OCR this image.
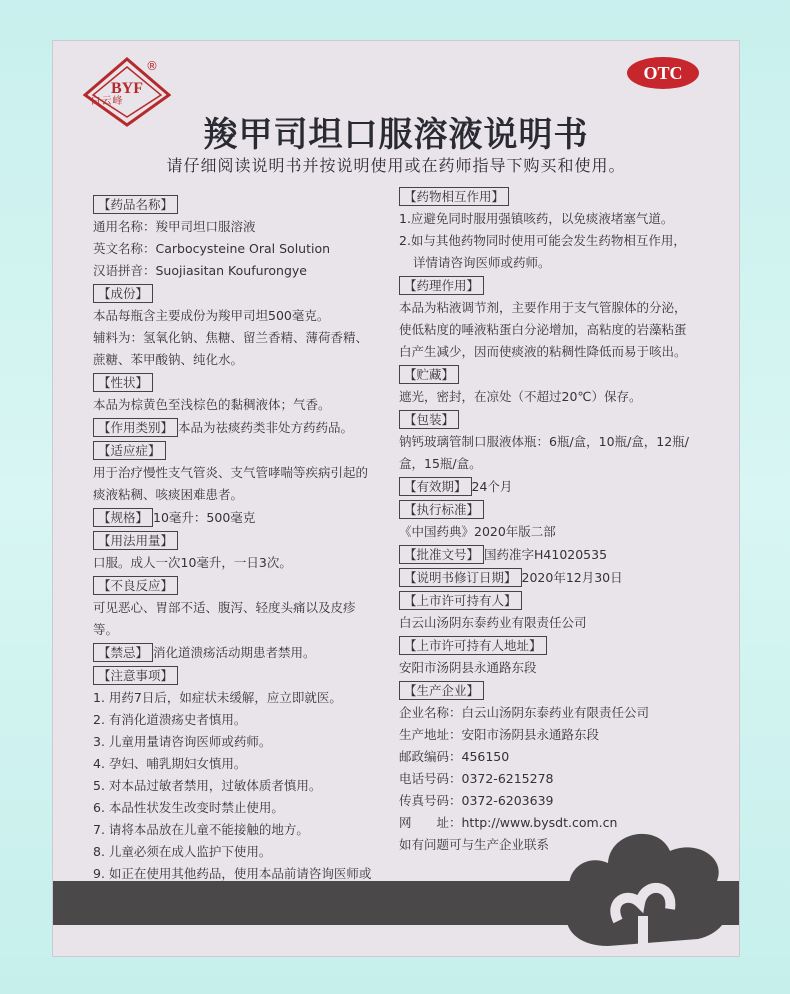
BYF
白云峰
®	OTC
羧甲司坦口服溶液说明书
请仔细阅读说明书并按说明使用或在药师指导下购买和使用。
【药品名称】
通用名称：羧甲司坦口服溶液
英文名称：Carbocysteine Oral Solution
汉语拼音：Suojiasitan Koufurongye
【成份】
本品每瓶含主要成份为羧甲司坦500毫克。
辅料为：氢氧化钠、焦糖、留兰香精、薄荷香精、蔗糖、苯甲酸钠、纯化水。
【性状】
本品为棕黄色至浅棕色的黏稠液体；气香。
【作用类别】 本品为祛痰药类非处方药药品。
【适应症】
用于治疗慢性支气管炎、支气管哮喘等疾病引起的痰液粘稠、咳痰困难患者。
【规格】 10毫升：500毫克
【用法用量】
口服。成人一次10毫升，一日3次。
【不良反应】
可见恶心、胃部不适、腹泻、轻度头痛以及皮疹等。
【禁忌】 消化道溃疡活动期患者禁用。
【注意事项】
1. 用药7日后，如症状未缓解，应立即就医。
2. 有消化道溃疡史者慎用。
3. 儿童用量请咨询医师或药师。
4. 孕妇、哺乳期妇女慎用。
5. 对本品过敏者禁用，过敏体质者慎用。
6. 本品性状发生改变时禁止使用。
7. 请将本品放在儿童不能接触的地方。
8. 儿童必须在成人监护下使用。
9. 如正在使用其他药品，使用本品前请咨询医师或
【药物相互作用】
1.应避免同时服用强镇咳药，以免痰液堵塞气道。
2.如与其他药物同时使用可能会发生药物相互作用，详情请咨询医师或药师。
【药理作用】
本品为粘液调节剂，主要作用于支气管腺体的分泌，使低粘度的唾液粘蛋白分泌增加，高粘度的岩藻粘蛋白产生减少，因而使痰液的粘稠性降低而易于咳出。
【贮藏】
遮光，密封，在凉处（不超过20℃）保存。
【包装】
钠钙玻璃管制口服液体瓶：6瓶/盒，10瓶/盒，12瓶/盒，15瓶/盒。
【有效期】 24个月
【执行标准】
《中国药典》2020年版二部
【批准文号】 国药准字H41020535
【说明书修订日期】 2020年12月30日
【上市许可持有人】
白云山汤阴东泰药业有限责任公司
【上市许可持有人地址】
安阳市汤阴县永通路东段
【生产企业】
企业名称：白云山汤阴东泰药业有限责任公司
生产地址：安阳市汤阴县永通路东段
邮政编码：456150
电话号码：0372-6215278
传真号码：0372-6203639
网　　址：http://www.bysdt.com.cn
如有问题可与生产企业联系
